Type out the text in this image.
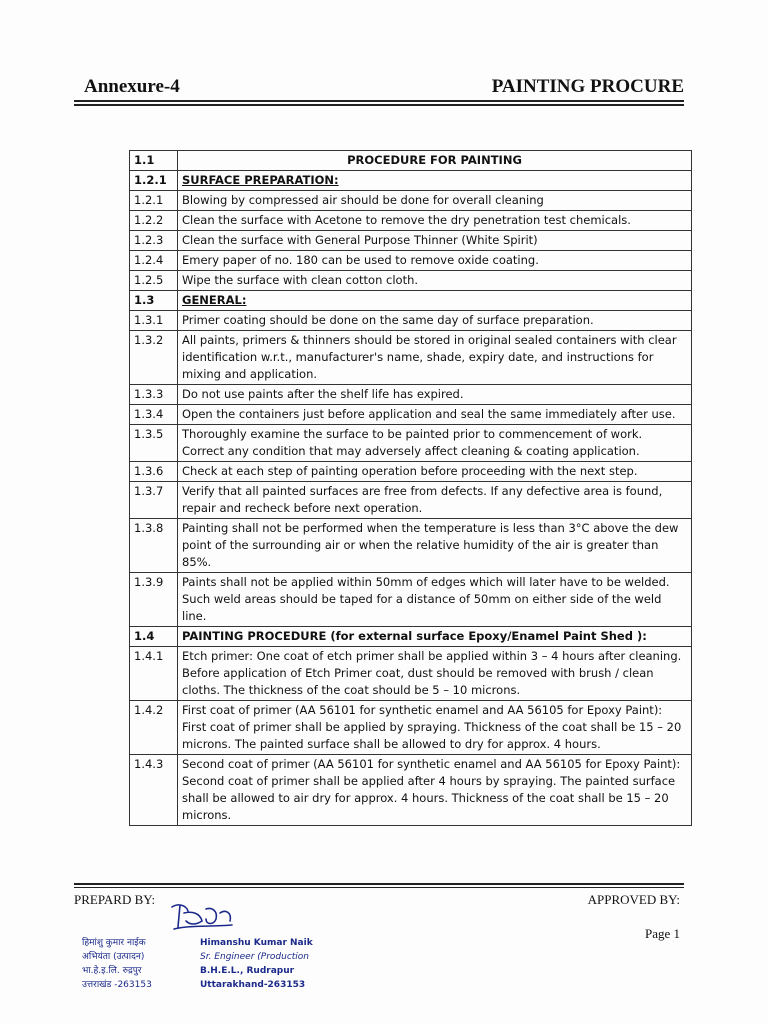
Annexure-4	PAINTING PROCURE
1.1	PROCEDURE FOR PAINTING
1.2.1	SURFACE PREPARATION:
1.2.1	Blowing by compressed air should be done for overall cleaning
1.2.2	Clean the surface with Acetone to remove the dry penetration test chemicals.
1.2.3	Clean the surface with General Purpose Thinner (White Spirit)
1.2.4	Emery paper of no. 180 can be used to remove oxide coating.
1.2.5	Wipe the surface with clean cotton cloth.
1.3	GENERAL:
1.3.1	Primer coating should be done on the same day of surface preparation.
1.3.2	All paints, primers & thinners should be stored in original sealed containers with clear identification w.r.t., manufacturer's name, shade, expiry date, and instructions for mixing and application.
1.3.3	Do not use paints after the shelf life has expired.
1.3.4	Open the containers just before application and seal the same immediately after use.
1.3.5	Thoroughly examine the surface to be painted prior to commencement of work. Correct any condition that may adversely affect cleaning & coating application.
1.3.6	Check at each step of painting operation before proceeding with the next step.
1.3.7	Verify that all painted surfaces are free from defects. If any defective area is found, repair and recheck before next operation.
1.3.8	Painting shall not be performed when the temperature is less than 3°C above the dew point of the surrounding air or when the relative humidity of the air is greater than 85%.
1.3.9	Paints shall not be applied within 50mm of edges which will later have to be welded. Such weld areas should be taped for a distance of 50mm on either side of the weld line.
1.4	PAINTING PROCEDURE (for external surface Epoxy/Enamel Paint Shed ):
1.4.1	Etch primer: One coat of etch primer shall be applied within 3 – 4 hours after cleaning. Before application of Etch Primer coat, dust should be removed with brush / clean cloths. The thickness of the coat should be 5 – 10 microns.
1.4.2	First coat of primer (AA 56101 for synthetic enamel and AA 56105 for Epoxy Paint): First coat of primer shall be applied by spraying. Thickness of the coat shall be 15 – 20 microns. The painted surface shall be allowed to dry for approx. 4 hours.
1.4.3	Second coat of primer (AA 56101 for synthetic enamel and AA 56105 for Epoxy Paint): Second coat of primer shall be applied after 4 hours by spraying. The painted surface shall be allowed to air dry for approx. 4 hours. Thickness of the coat shall be 15 – 20 microns.
PREPARD BY:	APPROVED BY:
Page 1
हिमांशु कुमार नाईक
अभियंता (उत्पादन)
भा.हे.इ.लि. रुद्रपुर
उत्तराखंड -263153
Himanshu Kumar Naik
Sr. Engineer (Production
B.H.E.L., Rudrapur
Uttarakhand-263153
